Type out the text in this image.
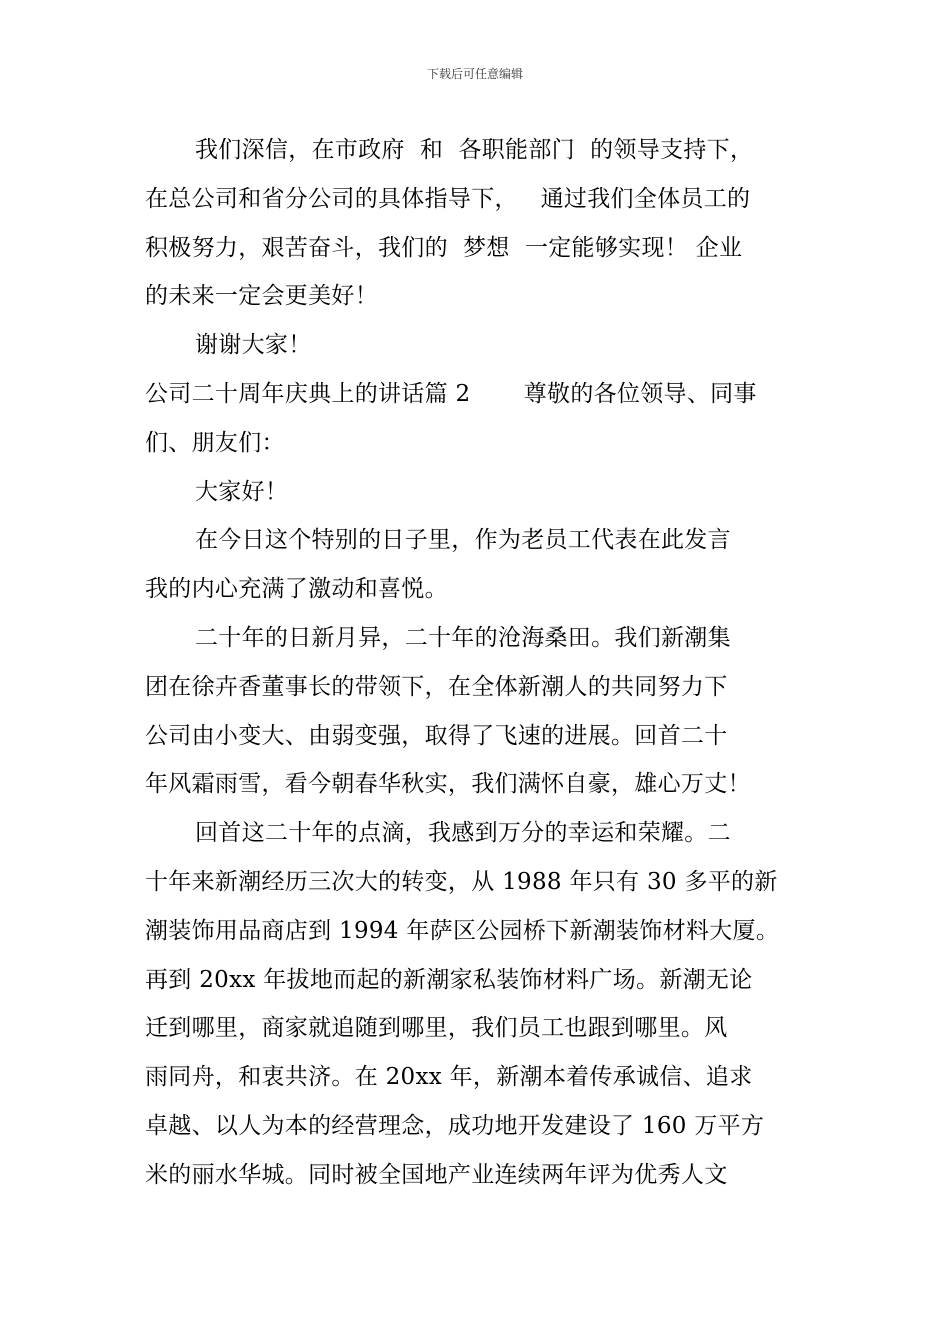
下载后可任意编辑
我们深信，在市政府  和  各职能部门  的领导支持下，
在总公司和省分公司的具体指导下，   通过我们全体员工的
积极努力，艰苦奋斗，我们的  梦想  一定能够实现！ 企业
的未来一定会更美好！
谢谢大家！
公司二十周年庆典上的讲话篇 2       尊敬的各位领导、同事
们、朋友们：
大家好！
在今日这个特别的日子里，作为老员工代表在此发言
我的内心充满了激动和喜悦。
二十年的日新月异，二十年的沧海桑田。我们新潮集
团在徐卉香董事长的带领下，在全体新潮人的共同努力下
公司由小变大、由弱变强，取得了飞速的进展。回首二十
年风霜雨雪，看今朝春华秋实，我们满怀自豪，雄心万丈！
回首这二十年的点滴，我感到万分的幸运和荣耀。二
十年来新潮经历三次大的转变，从 1988 年只有 30 多平的新
潮装饰用品商店到 1994 年萨区公园桥下新潮装饰材料大厦。
再到 20xx 年拔地而起的新潮家私装饰材料广场。新潮无论
迁到哪里，商家就追随到哪里，我们员工也跟到哪里。风
雨同舟，和衷共济。在 20xx 年，新潮本着传承诚信、追求
卓越、以人为本的经营理念，成功地开发建设了 160 万平方
米的丽水华城。同时被全国地产业连续两年评为优秀人文
